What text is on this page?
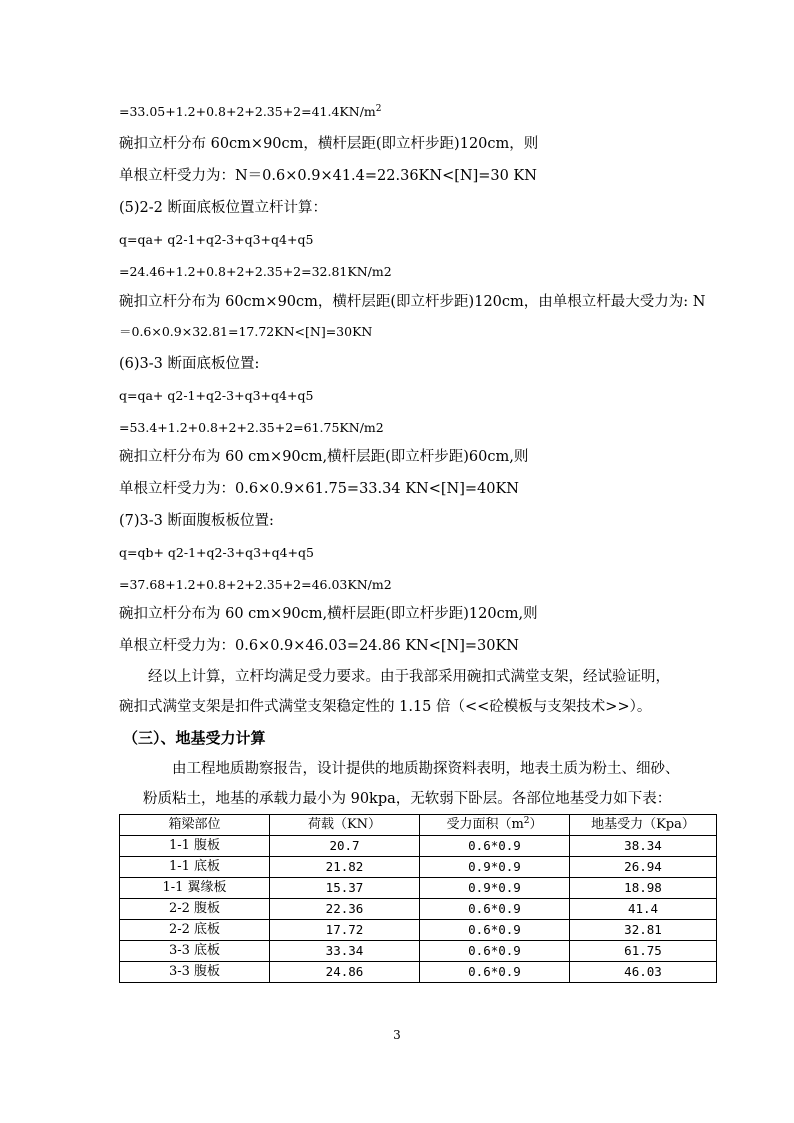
$=33.05+1.2+0.8+2+2.35+2=41.4KN/m^2$
碗扣立杆分布 60cm×90cm，横杆层距(即立杆步距)120cm，则
单根立杆受力为：N＝0.6×0.9×41.4=22.36KN<[N]=30 KN
(5)2-2 断面底板位置立杆计算：
q=qa+ q2-1+q2-3+q3+q4+q5
=24.46+1.2+0.8+2+2.35+2=32.81KN/m2
碗扣立杆分布为 60cm×90cm，横杆层距(即立杆步距)120cm，由单根立杆最大受力为: N
＝0.6×0.9×32.81=17.72KN<[N]=30KN
(6)3-3 断面底板位置:
q=qa+ q2-1+q2-3+q3+q4+q5
=53.4+1.2+0.8+2+2.35+2=61.75KN/m2
碗扣立杆分布为 60 cm×90cm,横杆层距(即立杆步距)60cm,则
单根立杆受力为：0.6×0.9×61.75=33.34 KN<[N]=40KN
(7)3-3 断面腹板板位置:
q=qb+ q2-1+q2-3+q3+q4+q5
=37.68+1.2+0.8+2+2.35+2=46.03KN/m2
碗扣立杆分布为 60 cm×90cm,横杆层距(即立杆步距)120cm,则
单根立杆受力为：0.6×0.9×46.03=24.86 KN<[N]=30KN
经以上计算，立杆均满足受力要求。由于我部采用碗扣式满堂支架，经试验证明，
碗扣式满堂支架是扣件式满堂支架稳定性的 1.15 倍（<<砼模板与支架技术>>）。
（三）、地基受力计算
由工程地质勘察报告，设计提供的地质勘探资料表明，地表土质为粉土、细砂、
粉质粘土，地基的承载力最小为 90kpa，无软弱下卧层。各部位地基受力如下表：
箱梁部位	荷载（KN）	受力面积$(m^2)$	地基受力（Kpa）
1-1 腹板	20.7	0.6*0.9	38.34
1-1 底板	21.82	0.9*0.9	26.94
1-1 翼缘板	15.37	0.9*0.9	18.98
2-2 腹板	22.36	0.6*0.9	41.4
2-2 底板	17.72	0.6*0.9	32.81
3-3 底板	33.34	0.6*0.9	61.75
3-3 腹板	24.86	0.6*0.9	46.03
3
